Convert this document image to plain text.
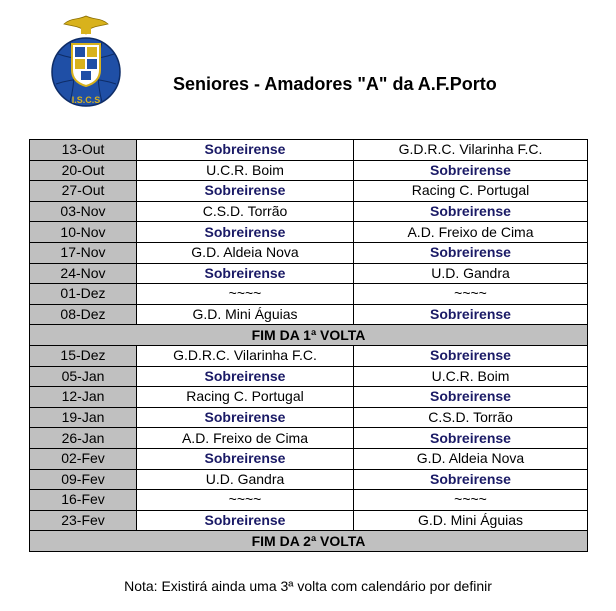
I.S.C.S
Seniores - Amadores "A" da A.F.Porto
13-Out	Sobreirense	G.D.R.C. Vilarinha F.C.
20-Out	U.C.R. Boim	Sobreirense
27-Out	Sobreirense	Racing C. Portugal
03-Nov	C.S.D. Torrão	Sobreirense
10-Nov	Sobreirense	A.D. Freixo de Cima
17-Nov	G.D. Aldeia Nova	Sobreirense
24-Nov	Sobreirense	U.D. Gandra
01-Dez	~~~~	~~~~
08-Dez	G.D. Mini Águias	Sobreirense
FIM DA 1ª VOLTA		
15-Dez	G.D.R.C. Vilarinha F.C.	Sobreirense
05-Jan	Sobreirense	U.C.R. Boim
12-Jan	Racing C. Portugal	Sobreirense
19-Jan	Sobreirense	C.S.D. Torrão
26-Jan	A.D. Freixo de Cima	Sobreirense
02-Fev	Sobreirense	G.D. Aldeia Nova
09-Fev	U.D. Gandra	Sobreirense
16-Fev	~~~~	~~~~
23-Fev	Sobreirense	G.D. Mini Águias
FIM DA 2ª VOLTA		
Nota: Existirá ainda uma 3ª volta com calendário por definir
